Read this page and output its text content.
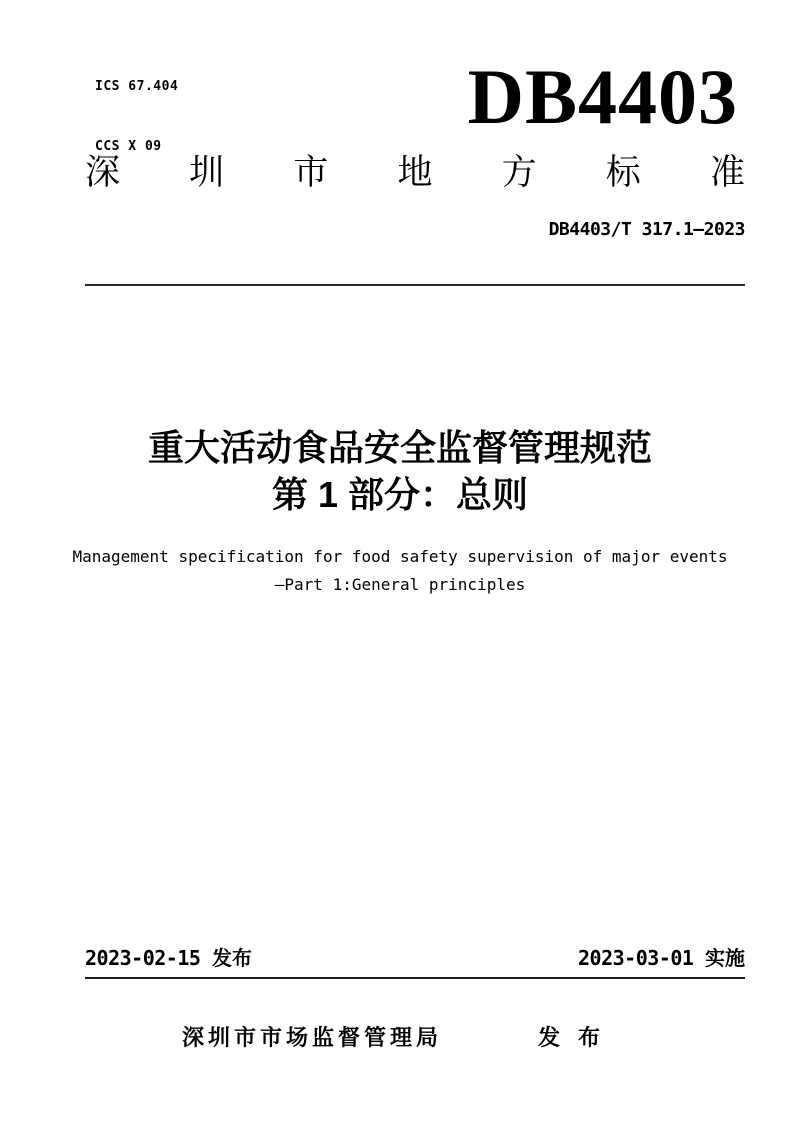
ICS 67.404

CCS X 09

DB4403
深 圳 市 地 方 标 准
DB4403/T 317.1—2023
重大活动食品安全监督管理规范
第 1 部分：总则
Management specification for food safety supervision of major events
—Part 1:General principles
2023-02-15 发布	2023-03-01 实施
深圳市市场监督管理局	发布
